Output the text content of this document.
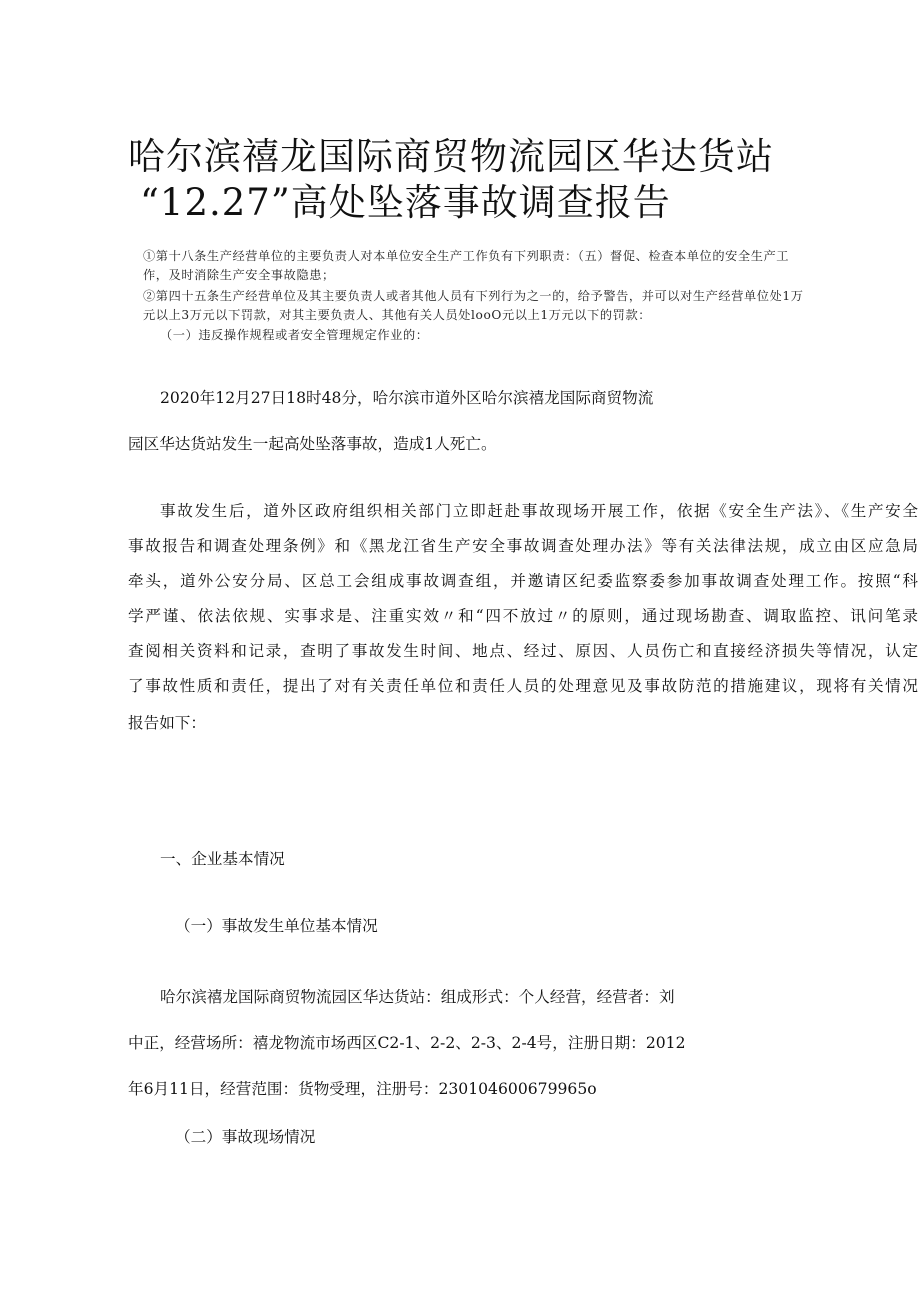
哈尔滨禧龙国际商贸物流园区华达货站
“12.27”高处坠落事故调查报告
①第十八条生产经营单位的主要负责人对本单位安全生产工作负有下列职责：（五）督促、检查本单位的安全生产工
作，及时消除生产安全事故隐患；
②第四十五条生产经营单位及其主要负责人或者其他人员有下列行为之一的，给予警告，并可以对生产经营单位处1万
元以上3万元以下罚款，对其主要负责人、其他有关人员处looO元以上1万元以下的罚款：
（一）违反操作规程或者安全管理规定作业的：
2020年12月27日18时48分，哈尔滨市道外区哈尔滨禧龙国际商贸物流
园区华达货站发生一起高处坠落事故，造成1人死亡。
事故发生后，道外区政府组织相关部门立即赶赴事故现场开展工作，依据《安全生产法》、《生产安全
事故报告和调查处理条例》和《黑龙江省生产安全事故调查处理办法》等有关法律法规，成立由区应急局
牵头，道外公安分局、区总工会组成事故调查组，并邀请区纪委监察委参加事故调查处理工作。按照“科
学严谨、依法依规、实事求是、注重实效〃和“四不放过〃的原则，通过现场勘查、调取监控、讯问笔录
查阅相关资料和记录，查明了事故发生时间、地点、经过、原因、人员伤亡和直接经济损失等情况，认定
了事故性质和责任，提出了对有关责任单位和责任人员的处理意见及事故防范的措施建议，现将有关情况
报告如下：
一、企业基本情况
（一）事故发生单位基本情况
哈尔滨禧龙国际商贸物流园区华达货站：组成形式：个人经营，经营者：刘
中正，经营场所：禧龙物流市场西区C2-1、2-2、2-3、2-4号，注册日期：2012
年6月11日，经营范围：货物受理，注册号：230104600679965o
（二）事故现场情况
